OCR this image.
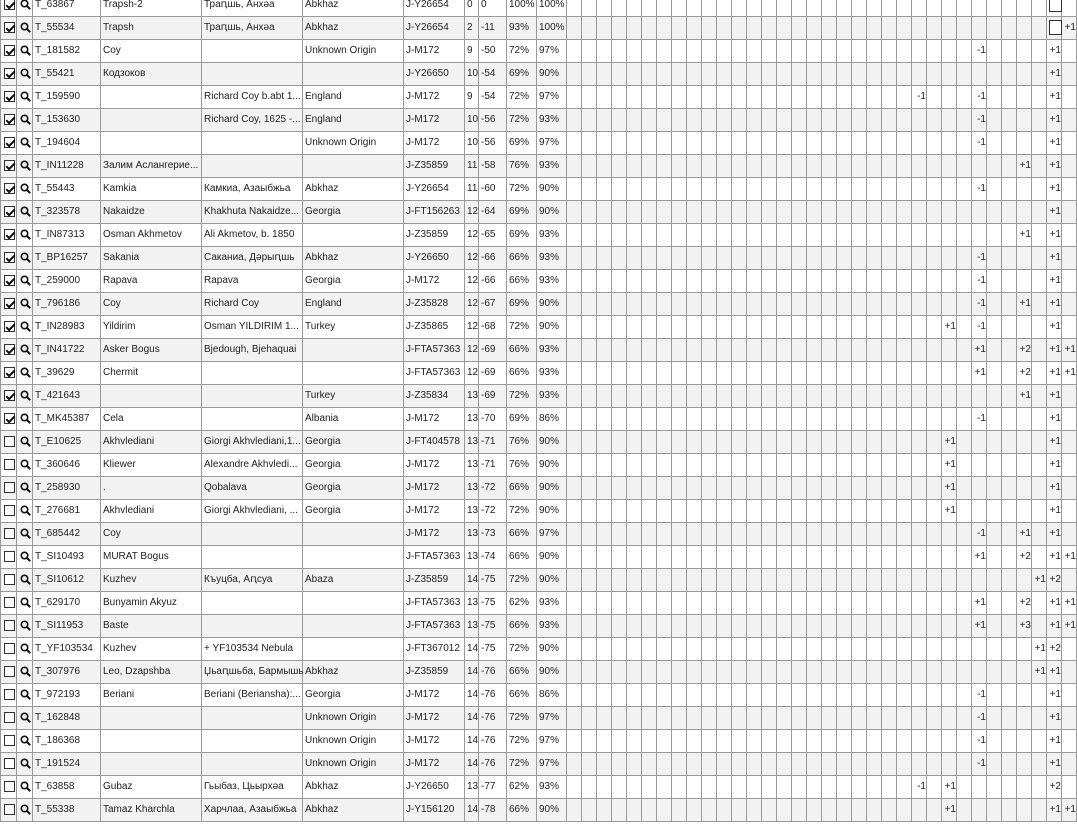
		T_63867	Trapsh-2	Траԥшь, Анхәа	Abkhaz	J-Y26654	0	0	100%	100%																																		
		T_55534	Trapsh	Траԥшь, Анхәа	Abkhaz	J-Y26654	2	-11	93%	100%																																		+1
		T_181582	Coy		Unknown Origin	J-M172	9	-50	72%	97%																												-1					+1	
		T_55421	Кодзоков			J-Y26650	10	-54	69%	90%																																	+1	
		T_159590		Richard Coy b.abt 1...	England	J-M172	9	-54	72%	97%																								-1				-1					+1	
		T_153630		Richard Coy, 1625 -...	England	J-M172	10	-56	72%	93%																												-1					+1	
		T_194604			Unknown Origin	J-M172	10	-56	69%	97%																												-1					+1	
		T_IN11228	Залим Аслангерие...			J-Z35859	11	-58	76%	93%																															+1		+1	
		T_55443	Kamkia	Камкиа, Азаыбжьа	Abkhaz	J-Y26654	11	-60	72%	90%																												-1					+1	
		T_323578	Nakaidze	Khakhuta Nakaidze...	Georgia	J-FT156263	12	-64	69%	90%																																	+1	
		T_IN87313	Osman Akhmetov	Ali Akmetov, b. 1850		J-Z35859	12	-65	69%	93%																															+1		+1	
		T_BP16257	Sakania	Саканиа, Дәрыԥшь	Abkhaz	J-Y26650	12	-66	66%	93%																												-1					+1	
		T_259000	Rapava	Rapava	Georgia	J-M172	12	-66	66%	93%																												-1					+1	
		T_796186	Coy	Richard Coy	England	J-Z35828	12	-67	69%	90%																												-1			+1		+1	
		T_IN28983	Yildirim	Osman YILDIRIM 1...	Turkey	J-Z35865	12	-68	72%	90%																										+1		-1					+1	
		T_IN41722	Asker Bogus	Bjedough, Bjehaquai		J-FTA57363	12	-69	66%	93%																												+1			+2		+1	+1
		T_39629	Chermit			J-FTA57363	12	-69	66%	93%																												+1			+2		+1	+1
		T_421643			Turkey	J-Z35834	13	-69	72%	93%																															+1		+1	
		T_MK45387	Cela		Albania	J-M172	13	-70	69%	86%																												-1					+1	
		T_E10625	Akhvlediani	Giorgi Akhvlediani,1...	Georgia	J-FT404578	13	-71	76%	90%																										+1							+1	
		T_360646	Kliewer	Alexandre Akhvledi...	Georgia	J-M172	13	-71	76%	90%																										+1							+1	
		T_258930	.	Qobalava	Georgia	J-M172	13	-72	66%	90%																										+1							+1	
		T_276681	Akhvlediani	Giorgi Akhvlediani, ...	Georgia	J-M172	13	-72	72%	90%																										+1							+1	
		T_685442	Coy			J-M172	13	-73	66%	97%																												-1			+1		+1	
		T_SI10493	MURAT Bogus			J-FTA57363	13	-74	66%	90%																												+1			+2		+1	+1
		T_SI10612	Kuzhev	Къуцба, Аԥсуа	Abaza	J-Z35859	14	-75	72%	90%																																+1	+2	
		T_629170	Bunyamin Akyuz			J-FTA57363	13	-75	62%	93%																												+1			+2		+1	+1
		T_SI11953	Baste			J-FTA57363	13	-75	66%	93%																												+1			+3		+1	+1
		T_YF103534	Kuzhev	+ YF103534 Nebula		J-FT367012	14	-75	72%	90%																																+1	+2	
		T_307976	Leo, Dzapshba	Џьаԥшьба, Бармышь	Abkhaz	J-Z35859	14	-76	66%	90%																																+1	+1	
		T_972193	Beriani	Beriani (Beriansha):...	Georgia	J-M172	14	-76	66%	86%																												-1					+1	
		T_162848			Unknown Origin	J-M172	14	-76	72%	97%																												-1					+1	
		T_186368			Unknown Origin	J-M172	14	-76	72%	97%																												-1					+1	
		T_191524			Unknown Origin	J-M172	14	-76	72%	97%																												-1					+1	
		T_63858	Gubaz	Гьыбаз, Цьырхәа	Abkhaz	J-Y26650	13	-77	62%	93%																								-1		+1							+2	
		T_55338	Tamaz Kharchla	Харчлаа, Азаыбжьа	Abkhaz	J-Y156120	14	-78	66%	90%																										+1							+1	+1
